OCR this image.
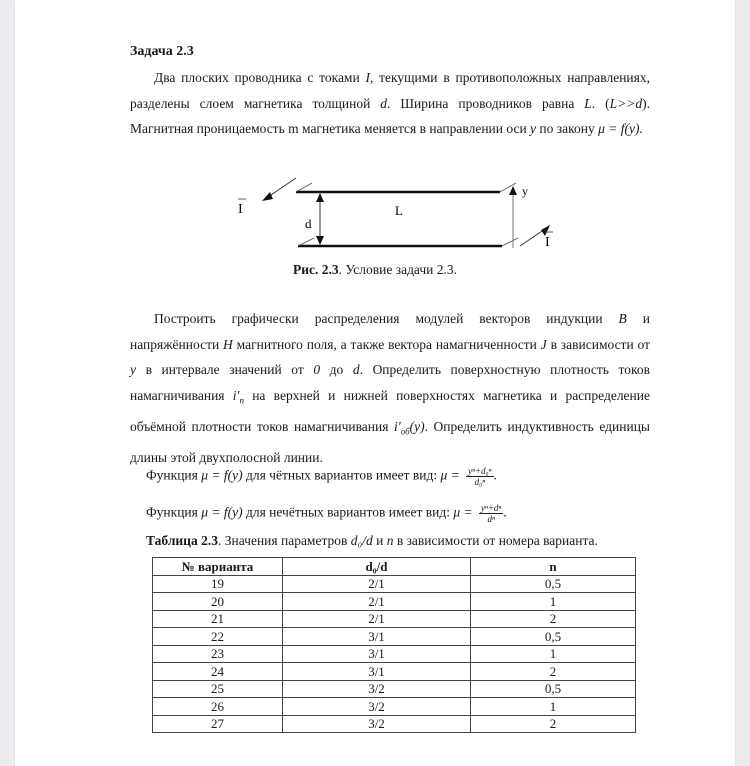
Задача 2.3
Два плоских проводника с токами I, текущими в противоположных направлениях, разделены слоем магнетика толщиной d. Ширина проводников равна L. (L>>d). Магнитная проницаемость m магнетика меняется в направлении оси y по закону μ = f(y).
I
d
L
y
I
Рис. 2.3. Условие задачи 2.3.
Построить графически распределения модулей векторов индукции B и напряжённости H магнитного поля, а также вектора намагниченности J в зависимости от y в интервале значений от 0 до d. Определить поверхностную плотность токов намагничивания $i'_п$ на верхней и нижней поверхностях магнетика и распределение объёмной плотности токов намагничивания $i'_{об}(y)$. Определить индуктивность единицы длины этой двухполосной линии.
Функция μ = f(y) для чётных вариантов имеет вид: $\mu = \frac{\text{yⁿ+d₀ⁿ}}{\text{d₀ⁿ}}$ .
Функция μ = f(y) для нечётных вариантов имеет вид: $\mu = \frac{\text{yⁿ+dⁿ}}{\text{dⁿ}}$ .
Таблица 2.3. Значения параметров d₀/d и n в зависимости от номера варианта.
№ варианта	d₀/d	n
19	2/1	0,5
20	2/1	1
21	2/1	2
22	3/1	0,5
23	3/1	1
24	3/1	2
25	3/2	0,5
26	3/2	1
27	3/2	2
